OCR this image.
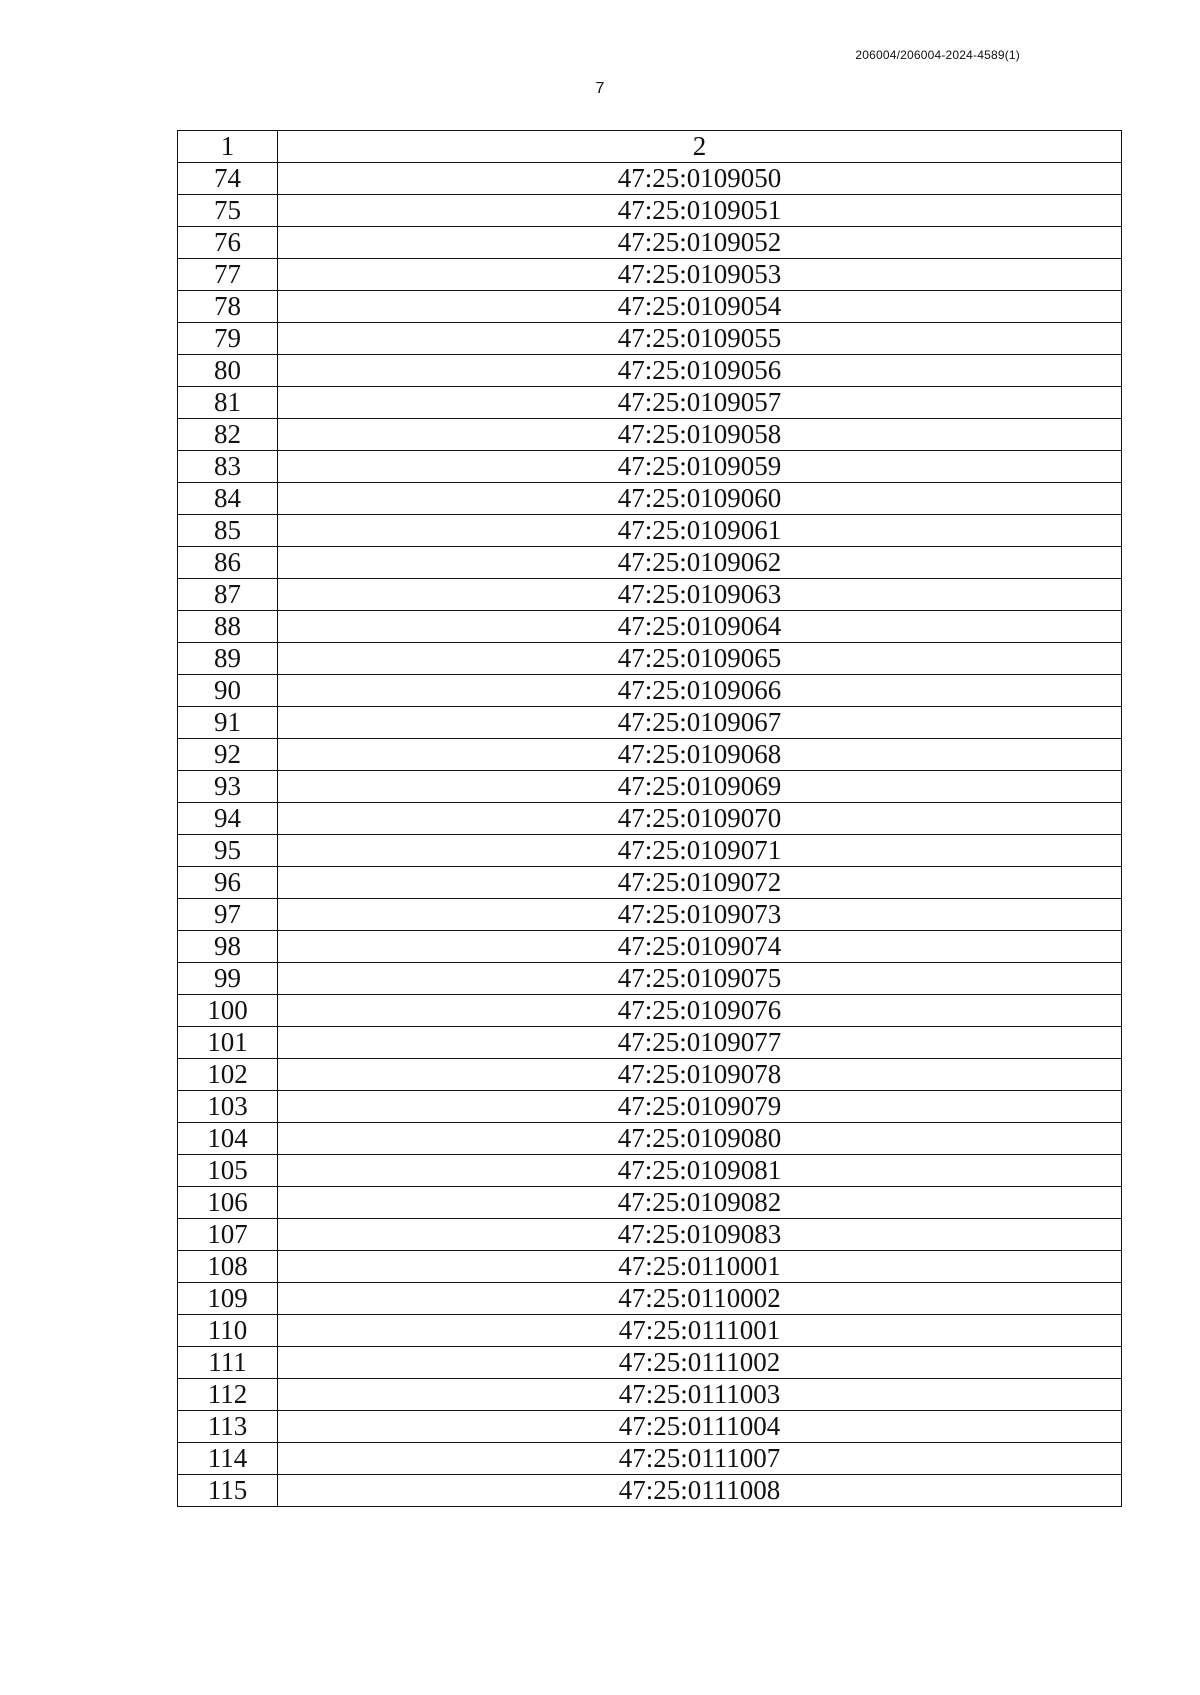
206004/206004-2024-4589(1)
7
1	2
74	47:25:0109050
75	47:25:0109051
76	47:25:0109052
77	47:25:0109053
78	47:25:0109054
79	47:25:0109055
80	47:25:0109056
81	47:25:0109057
82	47:25:0109058
83	47:25:0109059
84	47:25:0109060
85	47:25:0109061
86	47:25:0109062
87	47:25:0109063
88	47:25:0109064
89	47:25:0109065
90	47:25:0109066
91	47:25:0109067
92	47:25:0109068
93	47:25:0109069
94	47:25:0109070
95	47:25:0109071
96	47:25:0109072
97	47:25:0109073
98	47:25:0109074
99	47:25:0109075
100	47:25:0109076
101	47:25:0109077
102	47:25:0109078
103	47:25:0109079
104	47:25:0109080
105	47:25:0109081
106	47:25:0109082
107	47:25:0109083
108	47:25:0110001
109	47:25:0110002
110	47:25:0111001
111	47:25:0111002
112	47:25:0111003
113	47:25:0111004
114	47:25:0111007
115	47:25:0111008
